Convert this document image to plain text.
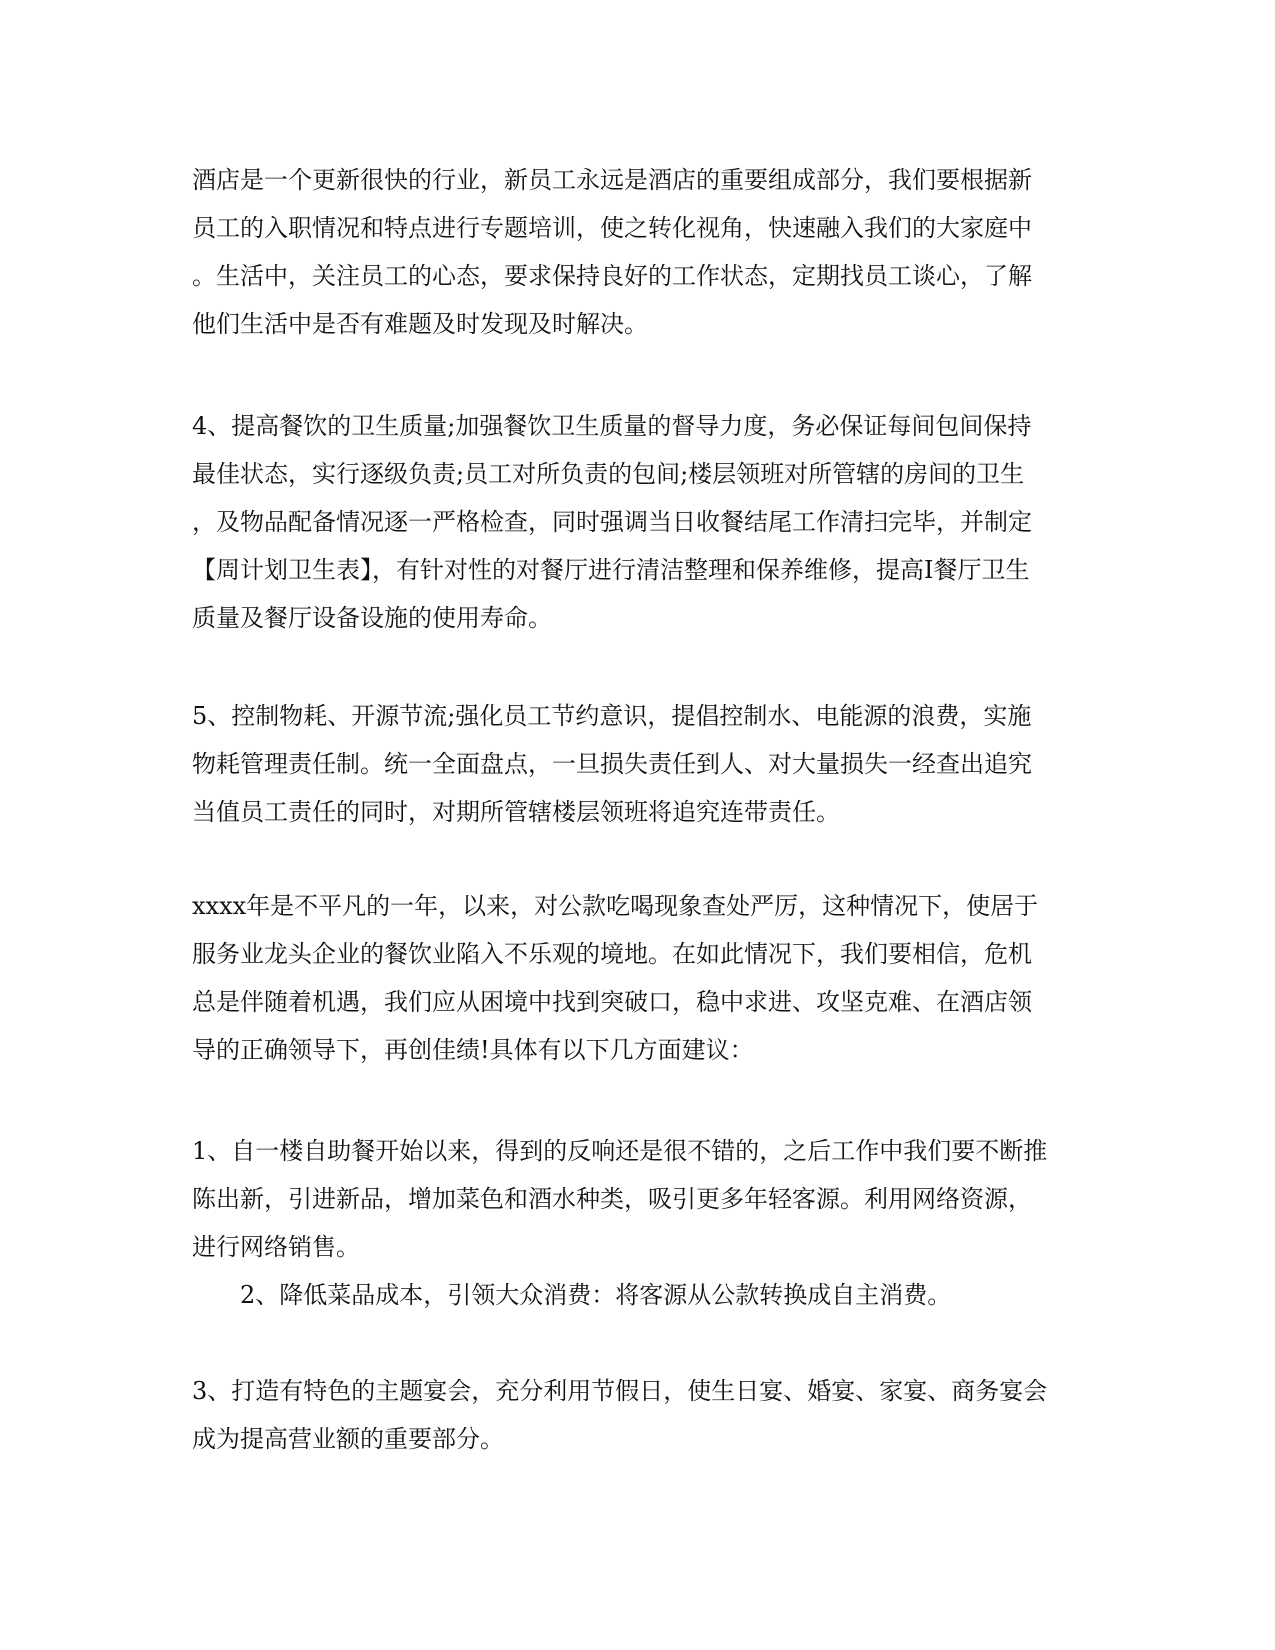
酒店是一个更新很快的行业，新员工永远是酒店的重要组成部分，我们要根据新
员工的入职情况和特点进行专题培训，使之转化视角，快速融入我们的大家庭中
。生活中，关注员工的心态，要求保持良好的工作状态，定期找员工谈心，了解
他们生活中是否有难题及时发现及时解决。
4、提高餐饮的卫生质量;加强餐饮卫生质量的督导力度，务必保证每间包间保持
最佳状态，实行逐级负责;员工对所负责的包间;楼层领班对所管辖的房间的卫生
，及物品配备情况逐一严格检查，同时强调当日收餐结尾工作清扫完毕，并制定
【周计划卫生表】，有针对性的对餐厅进行清洁整理和保养维修，提高I餐厅卫生
质量及餐厅设备设施的使用寿命。
5、控制物耗、开源节流;强化员工节约意识，提倡控制水、电能源的浪费，实施
物耗管理责任制。统一全面盘点，一旦损失责任到人、对大量损失一经查出追究
当值员工责任的同时，对期所管辖楼层领班将追究连带责任。
xxxx年是不平凡的一年，以来，对公款吃喝现象查处严厉，这种情况下，使居于
服务业龙头企业的餐饮业陷入不乐观的境地。在如此情况下，我们要相信，危机
总是伴随着机遇，我们应从困境中找到突破口，稳中求进、攻坚克难、在酒店领
导的正确领导下，再创佳绩!具体有以下几方面建议：
1、自一楼自助餐开始以来，得到的反响还是很不错的，之后工作中我们要不断推
陈出新，引进新品，增加菜色和酒水种类，吸引更多年轻客源。利用网络资源，
进行网络销售。
2、降低菜品成本，引领大众消费：将客源从公款转换成自主消费。
3、打造有特色的主题宴会，充分利用节假日，使生日宴、婚宴、家宴、商务宴会
成为提高营业额的重要部分。
